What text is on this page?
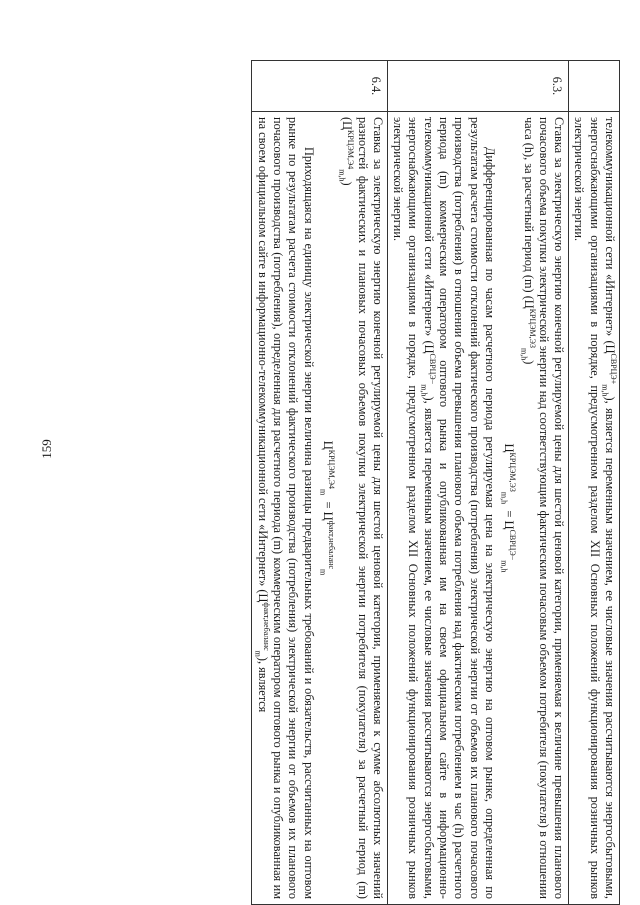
159

	телекоммуникационной сети «Интернет» $(Ц^{СВРЦЭ+}_{m,h})$, является переменным значением, ее числовые значения рассчитываются энергосбытовыми, энергоснабжающими организациями в порядке, предусмотренном разделом XII Основных положений функционирования розничных рынков электрической энергии.

6.3.	Ставка за электрическую энергию конечной регулируемой цены для шестой ценовой категории, применяемая к величине превышения планового почасового объема покупки электрической энергии над соответствующим фактическим почасовым объемом потребителя (покупателя) в отношении часа (h), за расчетный период (m) $(Ц^{КРЦЭМ,ЭЗ}_{m,h})$

$Ц^{КРЦЭМ,ЭЗ}_{m,h} = Ц^{СВРЦЭ-}_{m,h}$

Дифференцированная по часам расчетного периода регулируемая цена на электрическую энергию на оптовом рынке, определенная по результатам расчета стоимости отклонений фактического производства (потребления) электрической энергии от объемов их планового почасового производства (потребления) в отношении объема превышения планового объема потребления над фактическим потреблением в час (h) расчетного периода (m) коммерческим оператором оптового рынка и опубликованная им на своем официальном сайте в информационно-телекоммуникационной сети «Интернет» $(Ц^{СВРЦЭ-}_{m,h})$, является переменным значением, ее числовые значения рассчитываются энергосбытовыми, энергоснабжающими организациями в порядке, предусмотренном разделом XII Основных положений функционирования розничных рынков электрической энергии.

6.4.	Ставка за электрическую энергию конечной регулируемой цены для шестой ценовой категории, применяемая к сумме абсолютных значений разностей фактических и плановых почасовых объемов покупки электрической энергии потребителя (покупателя) за расчетный период (m) $(Ц^{КРЦЭМ,Э4}_{m,h})$

$Ц^{КРЦЭМ,Э4}_m = Ц^{факт,небаланс}_m$

Приходящаяся на единицу электрической энергии величина разницы предварительных требований и обязательств, рассчитанных на оптовом рынке по результатам расчета стоимости отклонений фактического производства (потребления) электрической энергии от объемов их планового почасового производства (потребления), определенная для расчетного периода (m) коммерческим оператором оптового рынка и опубликованная им на своем официальном сайте в информационно-телекоммуникационной сети «Интернет» $(Ц^{факт,небаланс}_m)$, является
